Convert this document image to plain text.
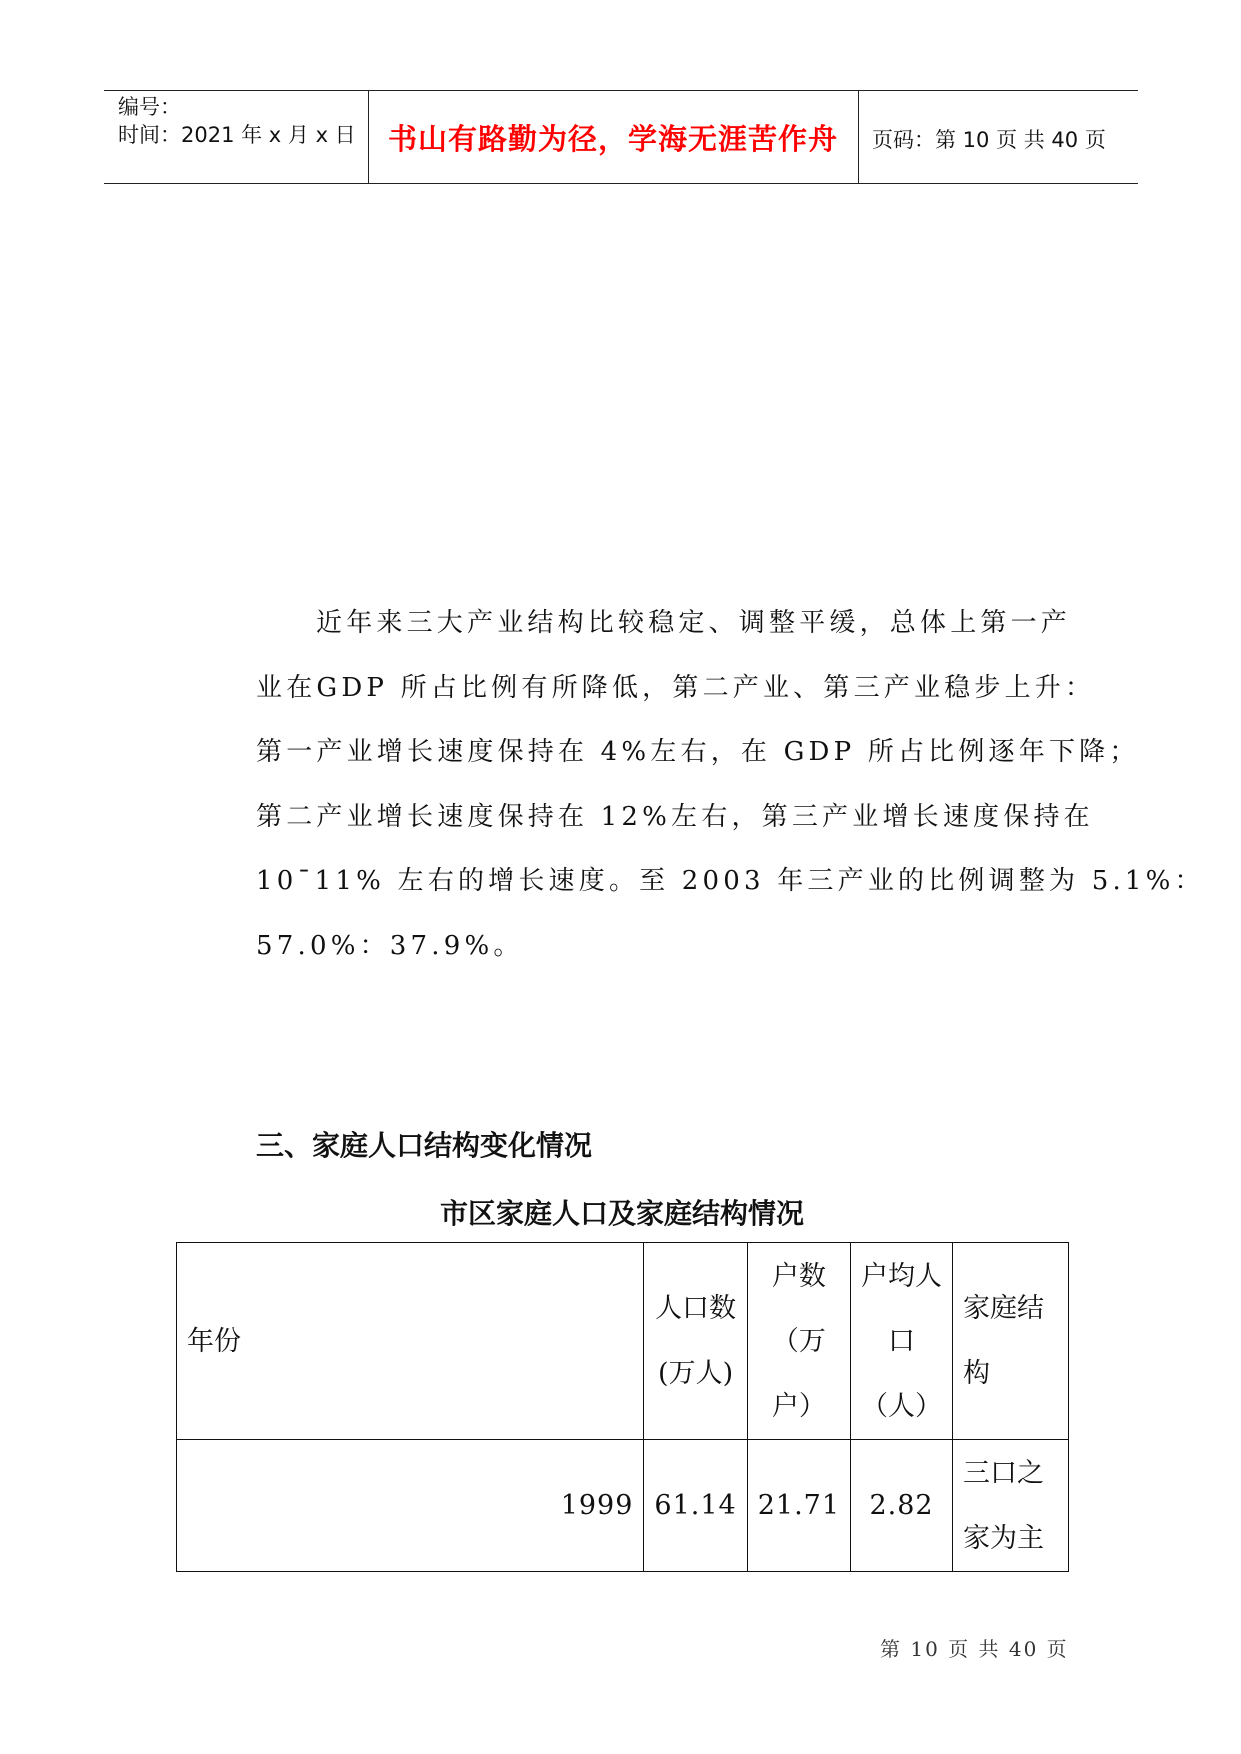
编号：
时间：2021 年 x 月 x 日	书山有路勤为径，学海无涯苦作舟	页码：第 10 页 共 40 页
近年来三大产业结构比较稳定、调整平缓，总体上第一产
业在GDP 所占比例有所降低，第二产业、第三产业稳步上升：
第一产业增长速度保持在 4%左右，在 GDP 所占比例逐年下降；
第二产业增长速度保持在 12%左右，第三产业增长速度保持在
10¯11% 左右的增长速度。至 2003 年三产业的比例调整为 5.1%：
57.0%：37.9%。
三、家庭人口结构变化情况
市区家庭人口及家庭结构情况
年份	人口数(万人)	户数（万户）	户均人口（人）	家庭结构
1999	61.14	21.71	2.82	三口之家为主
第 10 页 共 40 页
